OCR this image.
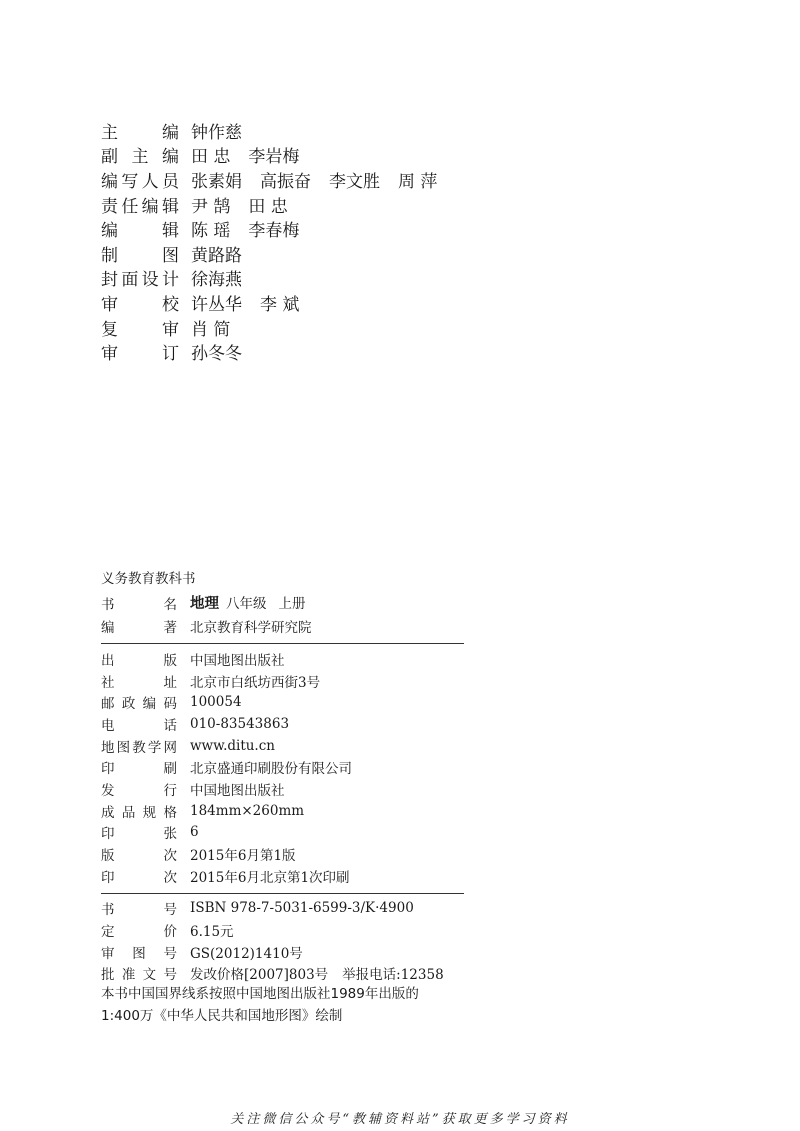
主	编 钟作慈
副 主 编 田 忠 李岩梅
编 写 人 员 张素娟 高振奋 李文胜 周 萍
责 任 编 辑 尹 鹄 田 忠
编	辑 陈 瑶 李春梅
制	图 黄路路
封 面 设 计 徐海燕
审	校 许丛华 李 斌
复	审 肖 简
审	订 孙冬冬
义务教育教科书
书	名 地理 八年级 上册
编	著 北京教育科学研究院
出	版 中国地图出版社
社	址 北京市白纸坊西街3号
邮 政 编 码 100054
电	话 010-83543863
地 图 教 学 网 www.ditu.cn
印	刷 北京盛通印刷股份有限公司
发	行 中国地图出版社
成 品 规 格 184mm×260mm
印	张 6
版	次 2015年6月第1版
印	次 2015年6月北京第1次印刷
书	号 ISBN 978-7-5031-6599-3/K·4900
定	价 6.15元
审 图 号 GS(2012)1410号
批 准 文 号 发改价格[2007]803号 举报电话:12358
本书中国国界线系按照中国地图出版社1989年出版的
1:400万《中华人民共和国地形图》绘制
关注微信公众号“教辅资料站”获取更多学习资料
